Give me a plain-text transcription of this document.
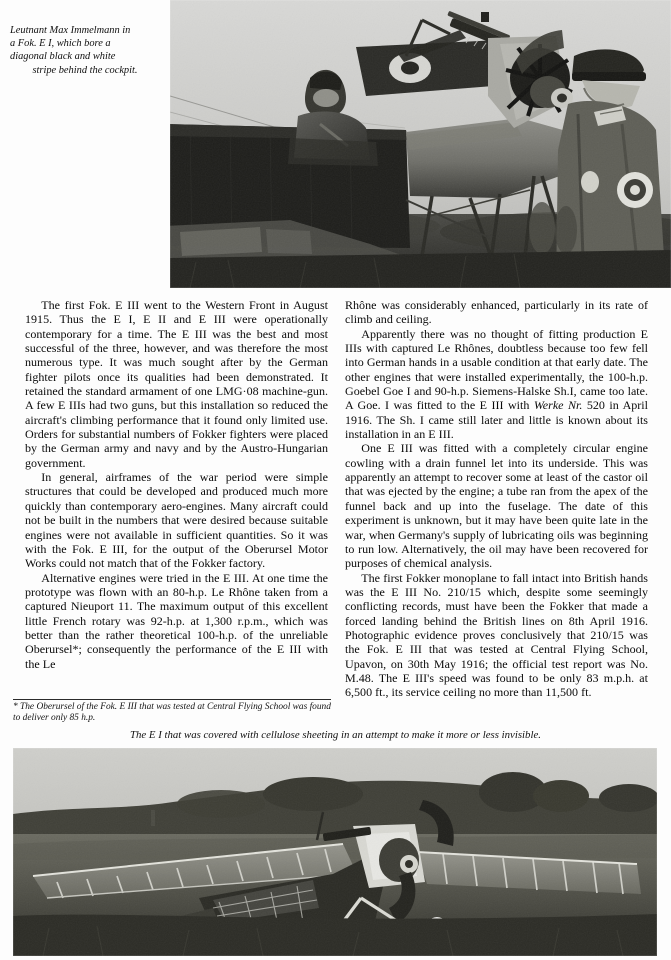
Leutnant Max Immelmann in
a Fok. E I, which bore a
diagonal black and white

stripe behind the cockpit.

The first Fok. E III went to the Western Front in August 1915. Thus the E I, E II and E III were operationally contemporary for a time. The E III was the best and most successful of the three, however, and was therefore the most numerous type. It was much sought after by the German fighter pilots once its qualities had been demonstrated. It retained the standard armament of one LMG·08 machine-gun. A few E IIIs had two guns, but this installation so reduced the aircraft's climbing performance that it found only limited use. Orders for substantial numbers of Fokker fighters were placed by the German army and navy and by the Austro-Hungarian government.

In general, airframes of the war period were simple structures that could be developed and produced much more quickly than contemporary aero-engines. Many aircraft could not be built in the numbers that were desired because suitable engines were not available in sufficient quantities. So it was with the Fok. E III, for the output of the Oberursel Motor Works could not match that of the Fokker factory.

Alternative engines were tried in the E III. At one time the prototype was flown with an 80-h.p. Le Rhône taken from a captured Nieuport 11. The maximum output of this excellent little French rotary was 92-h.p. at 1,300 r.p.m., which was better than the rather theoretical 100-h.p. of the unreliable Oberursel*; consequently the performance of the E III with the Le

Rhône was considerably enhanced, particularly in its rate of climb and ceiling.

Apparently there was no thought of fitting production E IIIs with captured Le Rhônes, doubtless because too few fell into German hands in a usable condition at that early date. The other engines that were installed experimentally, the 100-h.p. Goebel Goe I and 90-h.p. Siemens-Halske Sh.I, came too late. A Goe. I was fitted to the E III with Werke Nr. 520 in April 1916. The Sh. I came still later and little is known about its installation in an E III.

One E III was fitted with a completely circular engine cowling with a drain funnel let into its underside. This was apparently an attempt to recover some at least of the castor oil that was ejected by the engine; a tube ran from the apex of the funnel back and up into the fuselage. The date of this experiment is unknown, but it may have been quite late in the war, when Germany's supply of lubricating oils was beginning to run low. Alternatively, the oil may have been recovered for purposes of chemical analysis.

The first Fokker monoplane to fall intact into British hands was the E III No. 210/15 which, despite some seemingly conflicting records, must have been the Fokker that made a forced landing behind the British lines on 8th April 1916. Photographic evidence proves conclusively that 210/15 was the Fok. E III that was tested at Central Flying School, Upavon, on 30th May 1916; the official test report was No. M.48. The E III's speed was found to be only 83 m.p.h. at 6,500 ft., its service ceiling no more than 11,500 ft.

* The Oberursel of the Fok. E III that was tested at Central Flying School was found to deliver only 85 h.p.
The E I that was covered with cellulose sheeting in an attempt to make it more or less invisible.
